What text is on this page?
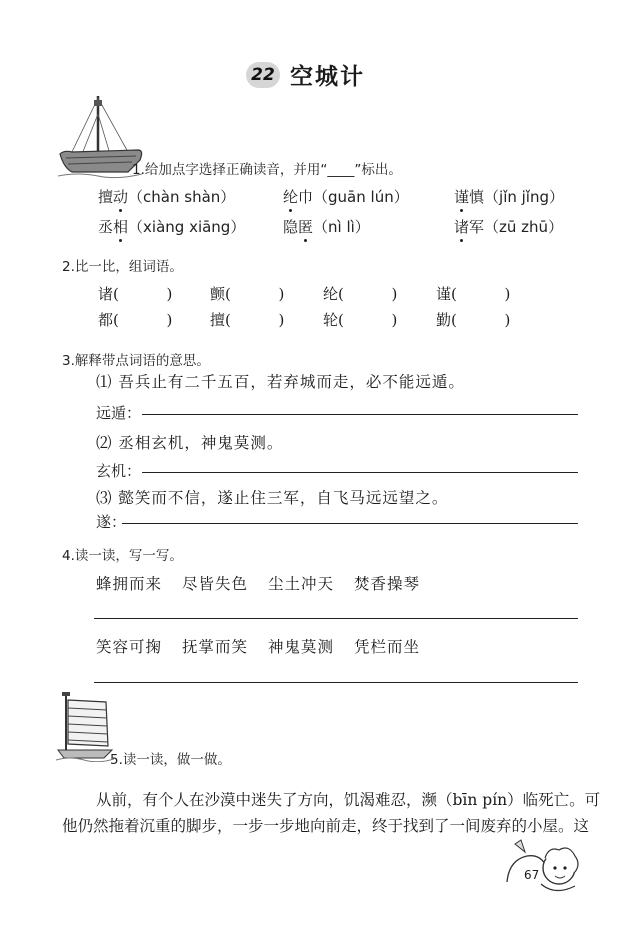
22 空城计
1.给加点字选择正确读音，并用“____”标出。
擅动（chàn shàn）	纶巾（guān lún）	谨慎（jǐn jǐng）
丞相（xiàng xiāng）	隐匿（nì lì）	诸军（zū zhū）
2.比一比，组词语。
诸(          )	颤(          )	纶(          )	谨(          )
都(          )	擅(          )	轮(          )	勤(          )
3.解释带点词语的意思。
⑴ 吾兵止有二千五百，若弃城而走，必不能远遁。
远遁：
⑵ 丞相玄机，神鬼莫测。
玄机：
⑶ 懿笑而不信，遂止住三军，自飞马远远望之。
遂：
4.读一读，写一写。
蜂拥而来 尽皆失色 尘土冲天 焚香操琴
笑容可掬 抚掌而笑 神鬼莫测 凭栏而坐
5.读一读，做一做。
从前，有个人在沙漠中迷失了方向，饥渴难忍，濒（bīn pín）临死亡。可
他仍然拖着沉重的脚步，一步一步地向前走，终于找到了一间废弃的小屋。这
67
